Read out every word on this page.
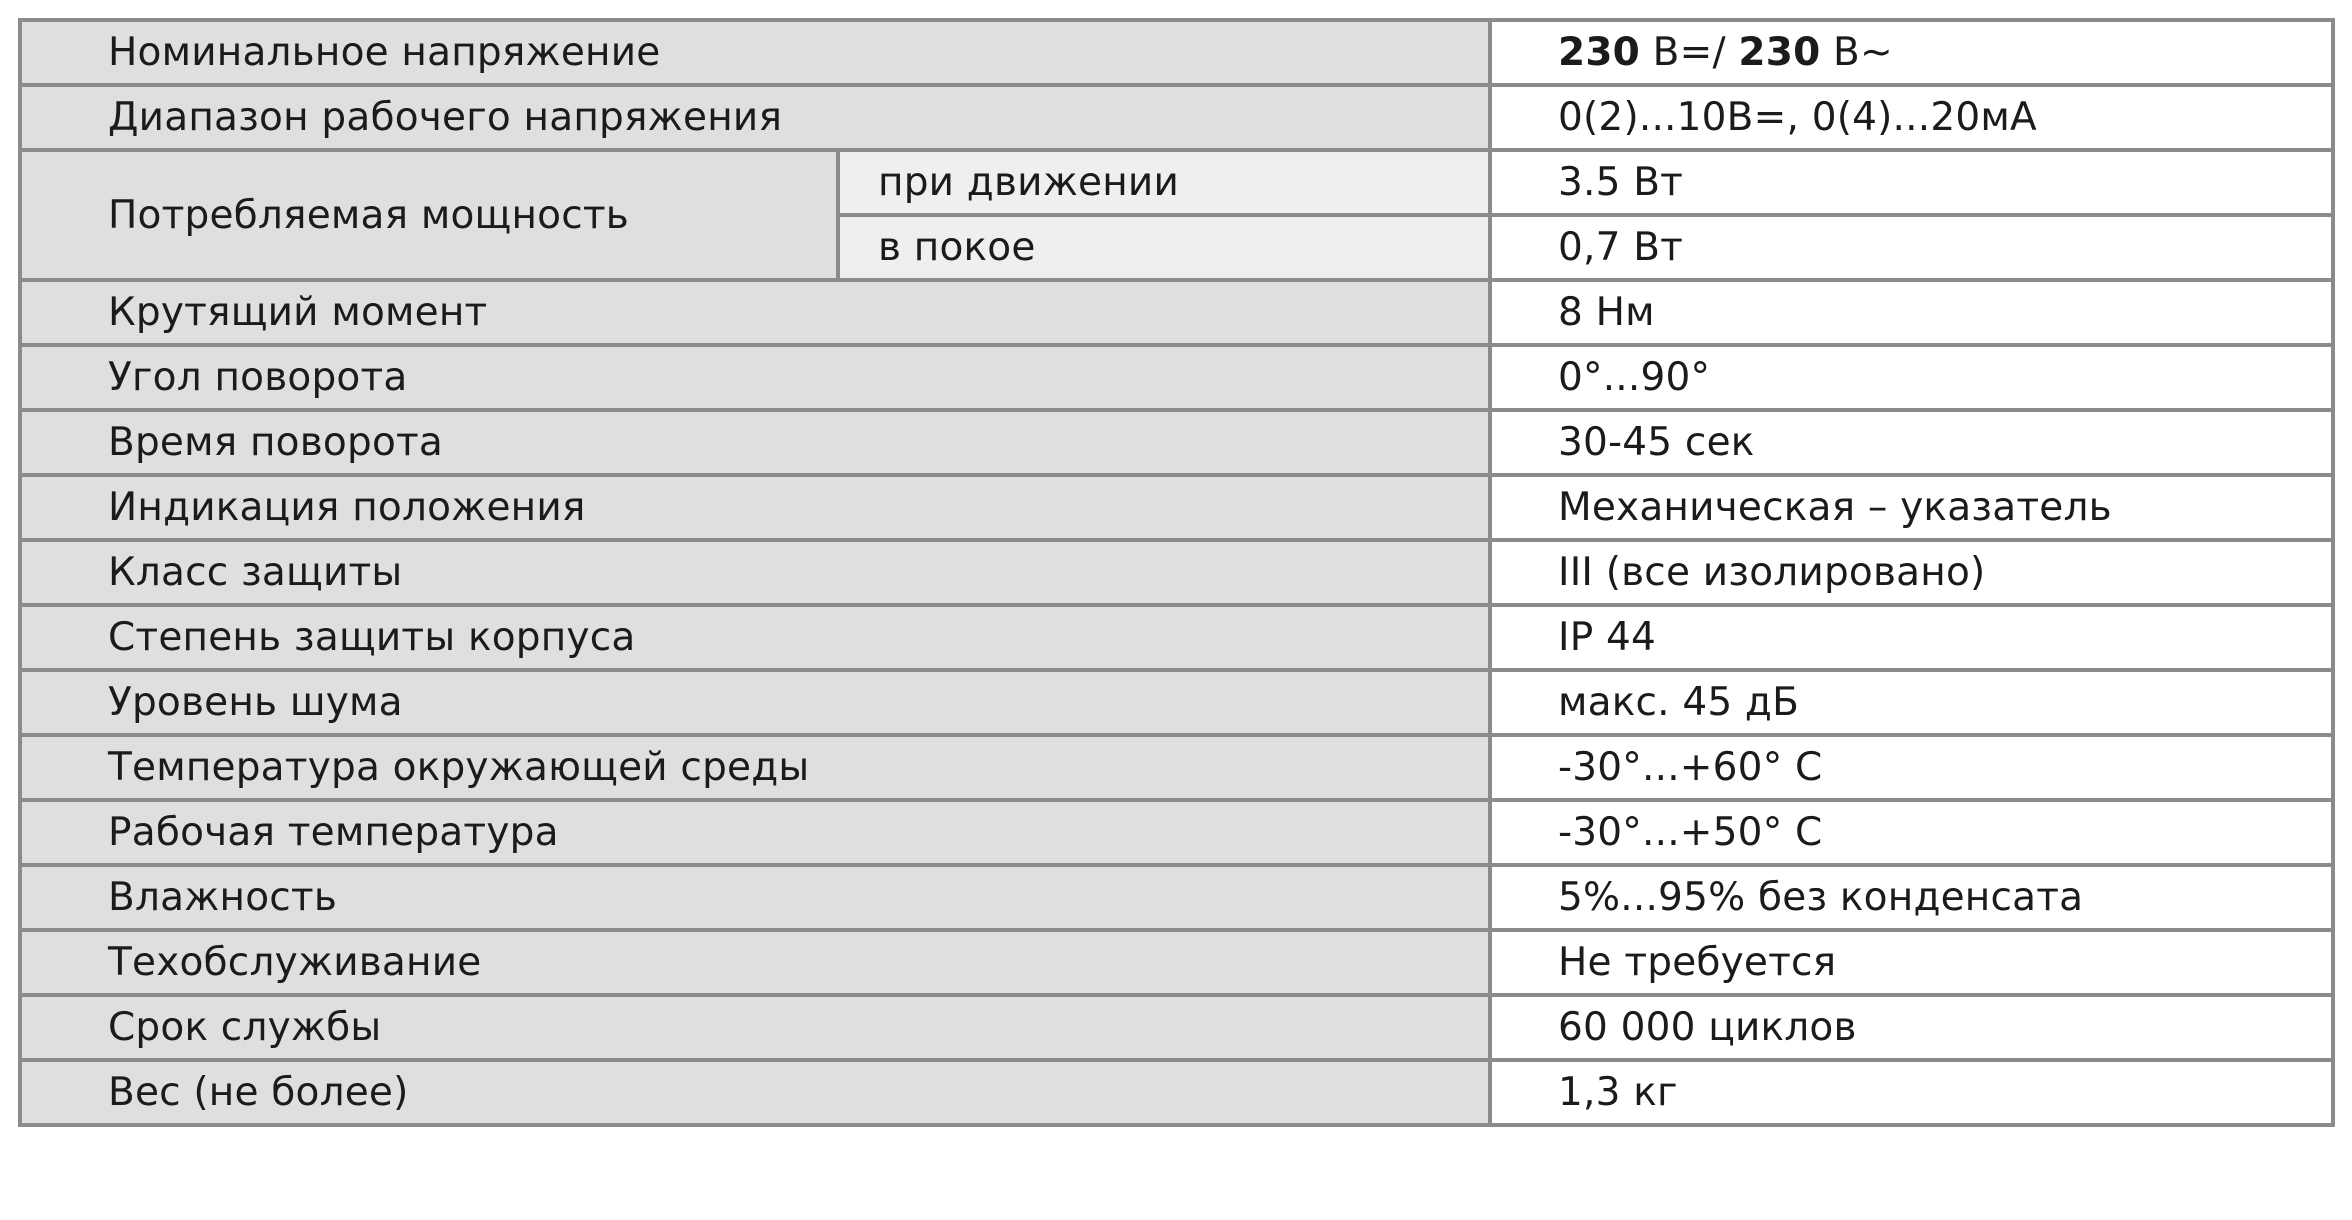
Номинальное напряжение		230 В=/ 230 В~
Диапазон рабочего напряжения		0(2)...10В=, 0(4)...20мА
Потребляемая мощность	при движении	3.5 Вт
	в покое	0,7 Вт
Крутящий момент		8 Нм
Угол поворота		0°...90°
Время поворота		30-45 сек
Индикация положения		Механическая – указатель
Класс защиты		III (все изолировано)
Степень защиты корпуса		IP 44
Уровень шума		макс. 45 дБ
Температура окружающей среды		-30°...+60° С
Рабочая температура		-30°...+50° С
Влажность		5%...95% без конденсата
Техобслуживание		Не требуется
Срок службы		60 000 циклов
Вес (не более)		1,3 кг
